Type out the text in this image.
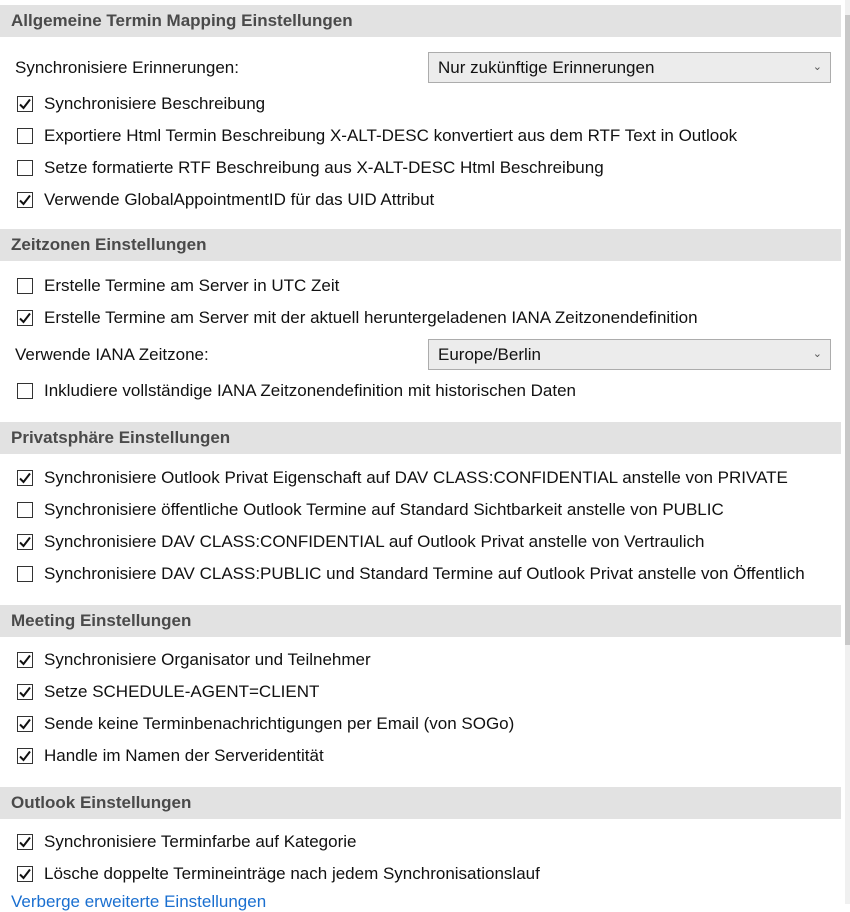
Allgemeine Termin Mapping Einstellungen
Synchronisiere Erinnerungen:	Nur zukünftige Erinnerungen	⌄
Synchronisiere Beschreibung
Exportiere Html Termin Beschreibung X-ALT-DESC konvertiert aus dem RTF Text in Outlook
Setze formatierte RTF Beschreibung aus X-ALT-DESC Html Beschreibung
Verwende GlobalAppointmentID für das UID Attribut
Zeitzonen Einstellungen
Erstelle Termine am Server in UTC Zeit
Erstelle Termine am Server mit der aktuell heruntergeladenen IANA Zeitzonendefinition
Verwende IANA Zeitzone:	Europe/Berlin	⌄
Inkludiere vollständige IANA Zeitzonendefinition mit historischen Daten
Privatsphäre Einstellungen
Synchronisiere Outlook Privat Eigenschaft auf DAV CLASS:CONFIDENTIAL anstelle von PRIVATE
Synchronisiere öffentliche Outlook Termine auf Standard Sichtbarkeit anstelle von PUBLIC
Synchronisiere DAV CLASS:CONFIDENTIAL auf Outlook Privat anstelle von Vertraulich
Synchronisiere DAV CLASS:PUBLIC und Standard Termine auf Outlook Privat anstelle von Öffentlich
Meeting Einstellungen
Synchronisiere Organisator und Teilnehmer
Setze SCHEDULE-AGENT=CLIENT
Sende keine Terminbenachrichtigungen per Email (von SOGo)
Handle im Namen der Serveridentität
Outlook Einstellungen
Synchronisiere Terminfarbe auf Kategorie
Lösche doppelte Termineinträge nach jedem Synchronisationslauf
Verberge erweiterte Einstellungen
